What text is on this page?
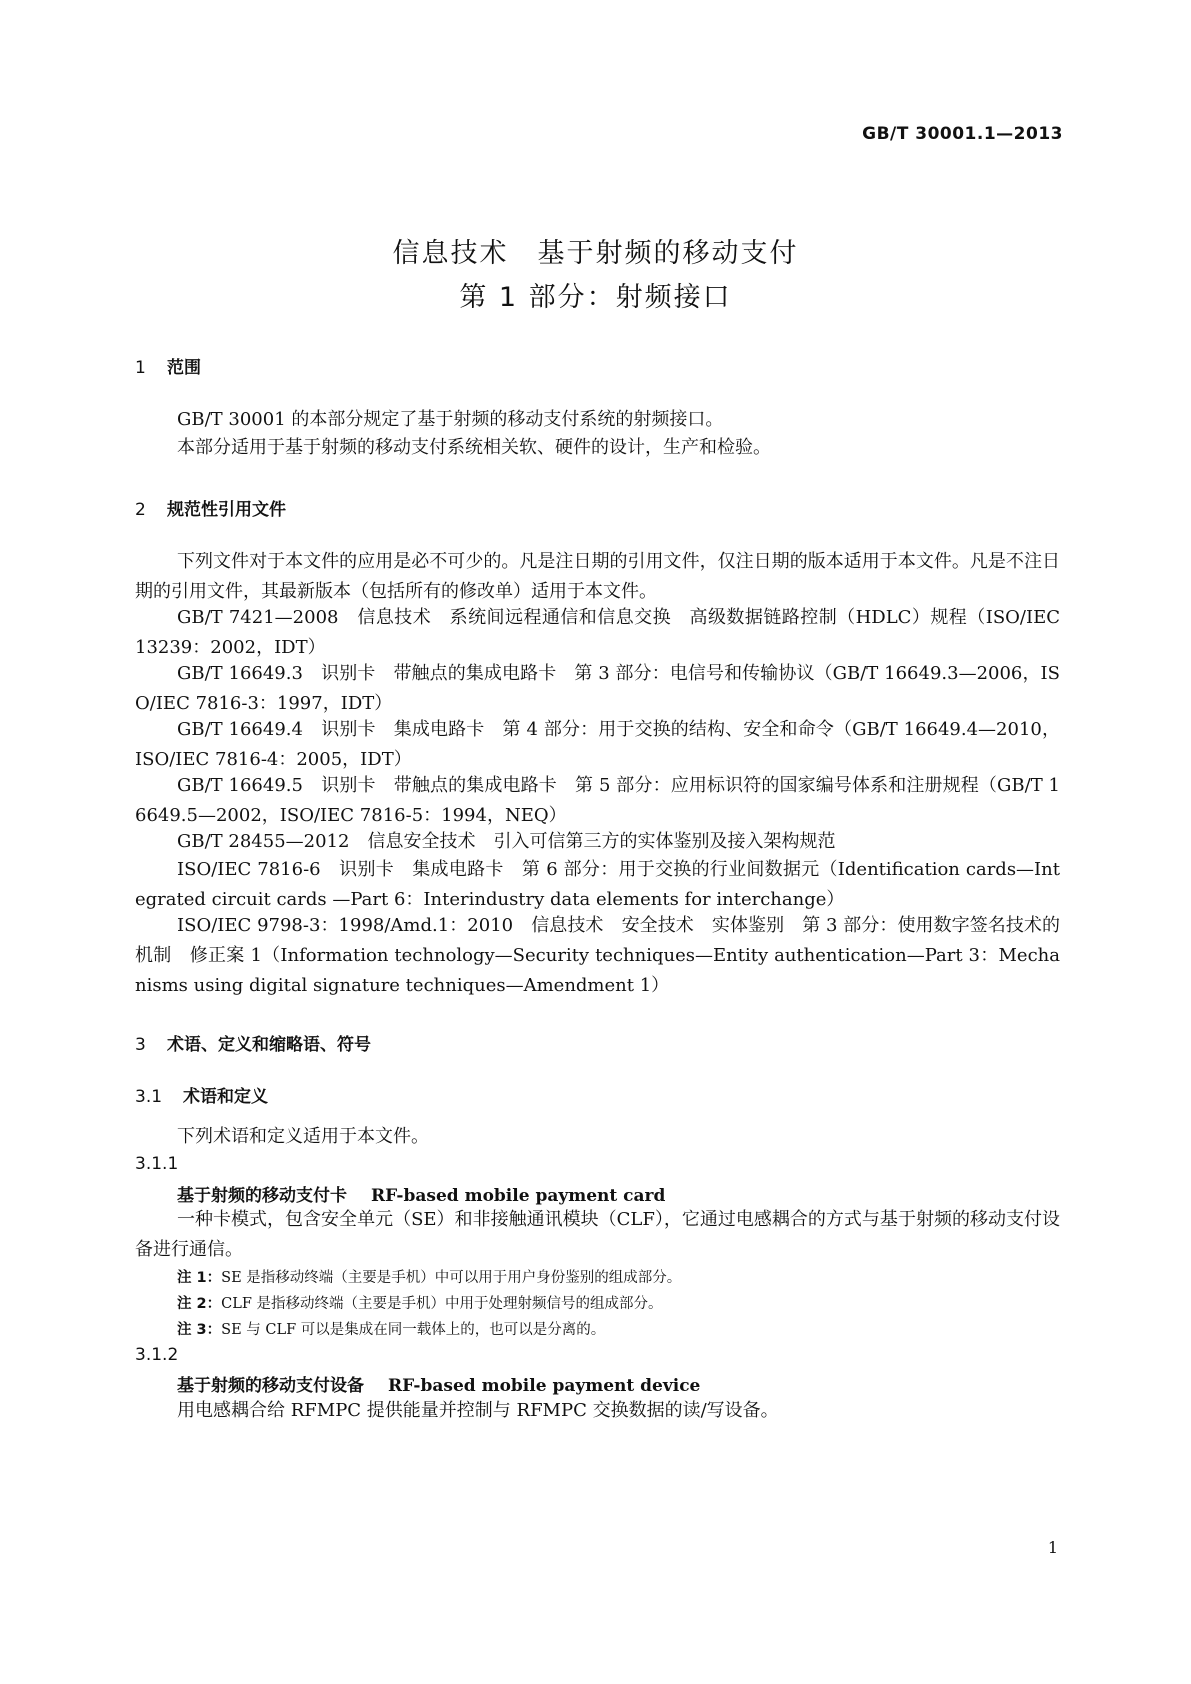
GB/T 30001.1—2013
信息技术　基于射频的移动支付
第 1 部分：射频接口
1 范围
GB/T 30001 的本部分规定了基于射频的移动支付系统的射频接口。
本部分适用于基于射频的移动支付系统相关软、硬件的设计，生产和检验。
2 规范性引用文件
下列文件对于本文件的应用是必不可少的。凡是注日期的引用文件，仅注日期的版本适用于本文件。凡是不注日期的引用文件，其最新版本（包括所有的修改单）适用于本文件。
GB/T 7421—2008　信息技术　系统间远程通信和信息交换　高级数据链路控制（HDLC）规程（ISO/IEC 13239：2002，IDT）
GB/T 16649.3　识别卡　带触点的集成电路卡　第 3 部分：电信号和传输协议（GB/T 16649.3—2006，ISO/IEC 7816-3：1997，IDT）
GB/T 16649.4　识别卡　集成电路卡　第 4 部分：用于交换的结构、安全和命令（GB/T 16649.4—2010，ISO/IEC 7816-4：2005，IDT）
GB/T 16649.5　识别卡　带触点的集成电路卡　第 5 部分：应用标识符的国家编号体系和注册规程（GB/T 16649.5—2002，ISO/IEC 7816-5：1994，NEQ）
GB/T 28455—2012　信息安全技术　引入可信第三方的实体鉴别及接入架构规范
ISO/IEC 7816-6　识别卡　集成电路卡　第 6 部分：用于交换的行业间数据元（Identification cards—Integrated circuit cards —Part 6：Interindustry data elements for interchange）
ISO/IEC 9798-3：1998/Amd.1：2010　信息技术　安全技术　实体鉴别　第 3 部分：使用数字签名技术的机制　修正案 1（Information technology—Security techniques—Entity authentication—Part 3：Mechanisms using digital signature techniques—Amendment 1）
3 术语、定义和缩略语、符号
3.1 术语和定义
下列术语和定义适用于本文件。
3.1.1
基于射频的移动支付卡 RF-based mobile payment card
一种卡模式，包含安全单元（SE）和非接触通讯模块（CLF），它通过电感耦合的方式与基于射频的移动支付设备进行通信。
注 1：SE 是指移动终端（主要是手机）中可以用于用户身份鉴别的组成部分。
注 2：CLF 是指移动终端（主要是手机）中用于处理射频信号的组成部分。
注 3：SE 与 CLF 可以是集成在同一载体上的，也可以是分离的。
3.1.2
基于射频的移动支付设备 RF-based mobile payment device
用电感耦合给 RFMPC 提供能量并控制与 RFMPC 交换数据的读/写设备。
1
